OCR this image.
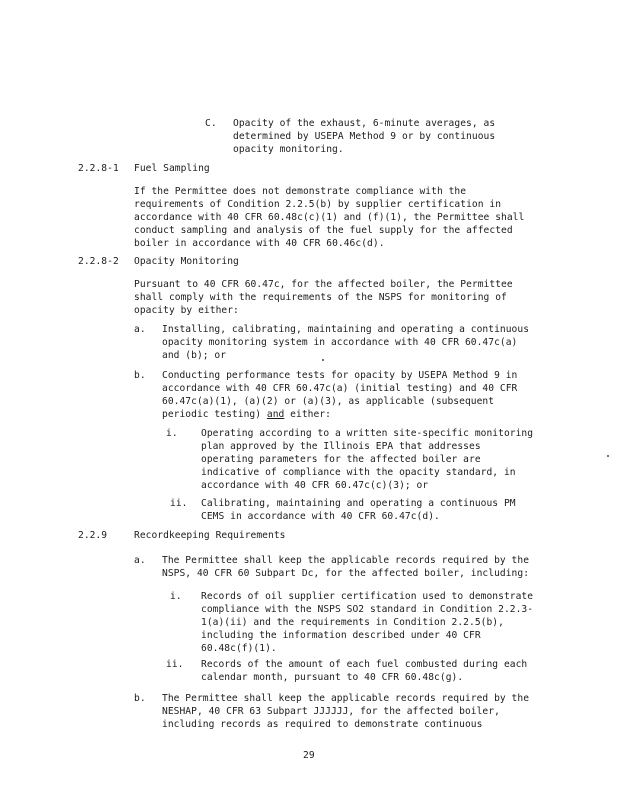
C. Opacity of the exhaust, 6-minute averages, as
determined by USEPA Method 9 or by continuous
opacity monitoring.
2.2.8-1 Fuel Sampling
If the Permittee does not demonstrate compliance with the
requirements of Condition 2.2.5(b) by supplier certification in
accordance with 40 CFR 60.48c(c)(1) and (f)(1), the Permittee shall
conduct sampling and analysis of the fuel supply for the affected
boiler in accordance with 40 CFR 60.46c(d).
2.2.8-2 Opacity Monitoring
Pursuant to 40 CFR 60.47c, for the affected boiler, the Permittee
shall comply with the requirements of the NSPS for monitoring of
opacity by either:
a. Installing, calibrating, maintaining and operating a continuous
opacity monitoring system in accordance with 40 CFR 60.47c(a)
and (b); or
b. Conducting performance tests for opacity by USEPA Method 9 in
accordance with 40 CFR 60.47c(a) (initial testing) and 40 CFR
60.47c(a)(1), (a)(2) or (a)(3), as applicable (subsequent
periodic testing) and either:
i. Operating according to a written site-specific monitoring
plan approved by the Illinois EPA that addresses
operating parameters for the affected boiler are
indicative of compliance with the opacity standard, in
accordance with 40 CFR 60.47c(c)(3); or
ii. Calibrating, maintaining and operating a continuous PM
CEMS in accordance with 40 CFR 60.47c(d).
2.2.9	Recordkeeping Requirements
a. The Permittee shall keep the applicable records required by the
NSPS, 40 CFR 60 Subpart Dc, for the affected boiler, including:
i. Records of oil supplier certification used to demonstrate
compliance with the NSPS SO2 standard in Condition 2.2.3-
1(a)(ii) and the requirements in Condition 2.2.5(b),
including the information described under 40 CFR
60.48c(f)(1).
ii. Records of the amount of each fuel combusted during each
calendar month, pursuant to 40 CFR 60.48c(g).
b. The Permittee shall keep the applicable records required by the
NESHAP, 40 CFR 63 Subpart JJJJJJ, for the affected boiler,
including records as required to demonstrate continuous
29
